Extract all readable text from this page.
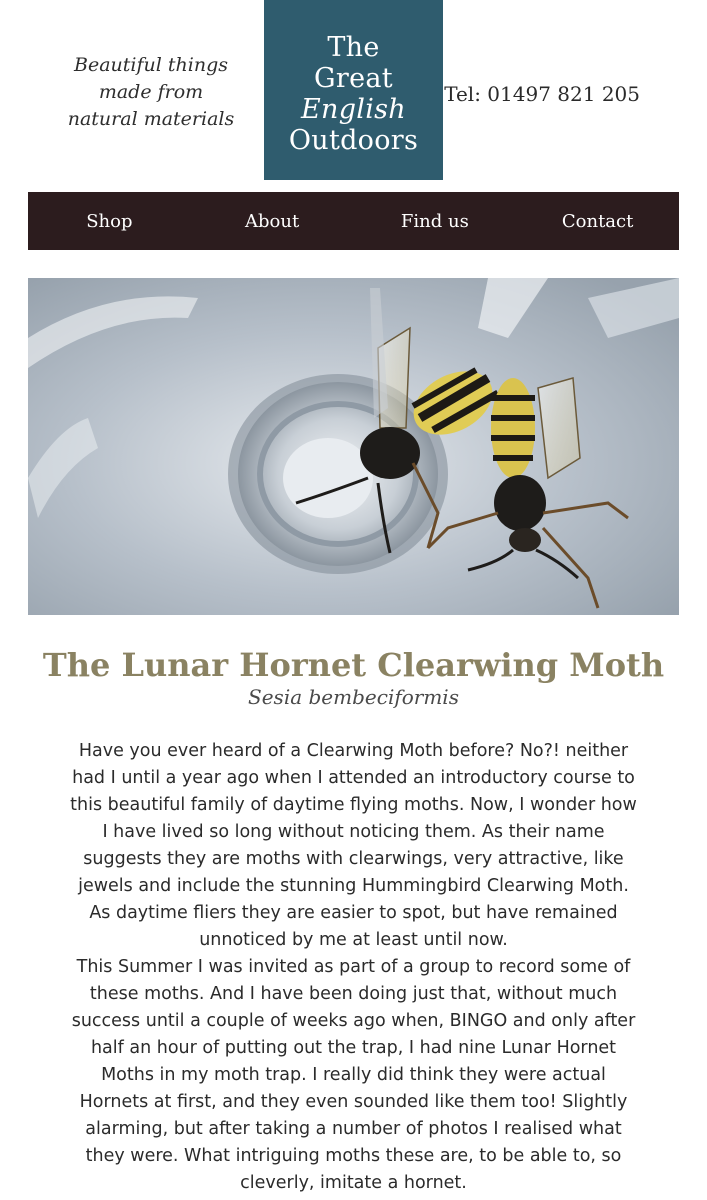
Beautiful things
made from
natural materials
The
Great
English
Outdoors
Tel: 01497 821 205
Shop	About	Find us	Contact
The Lunar Hornet Clearwing Moth
Sesia bembeciformis

Have you ever heard of a Clearwing Moth before? No?! neither had I until a year ago when I attended an introductory course to this beautiful family of daytime flying moths. Now, I wonder how I have lived so long without noticing them. As their name suggests they are moths with clearwings, very attractive, like jewels and include the stunning Hummingbird Clearwing Moth. As daytime fliers they are easier to spot, but have remained unnoticed by me at least until now.

This Summer I was invited as part of a group to record some of these moths. And I have been doing just that, without much success until a couple of weeks ago when, BINGO and only after half an hour of putting out the trap, I had nine Lunar Hornet Moths in my moth trap. I really did think they were actual Hornets at first, and they even sounded like them too! Slightly alarming, but after taking a number of photos I realised what they were. What intriguing moths these are, to be able to, so cleverly, imitate a hornet.
